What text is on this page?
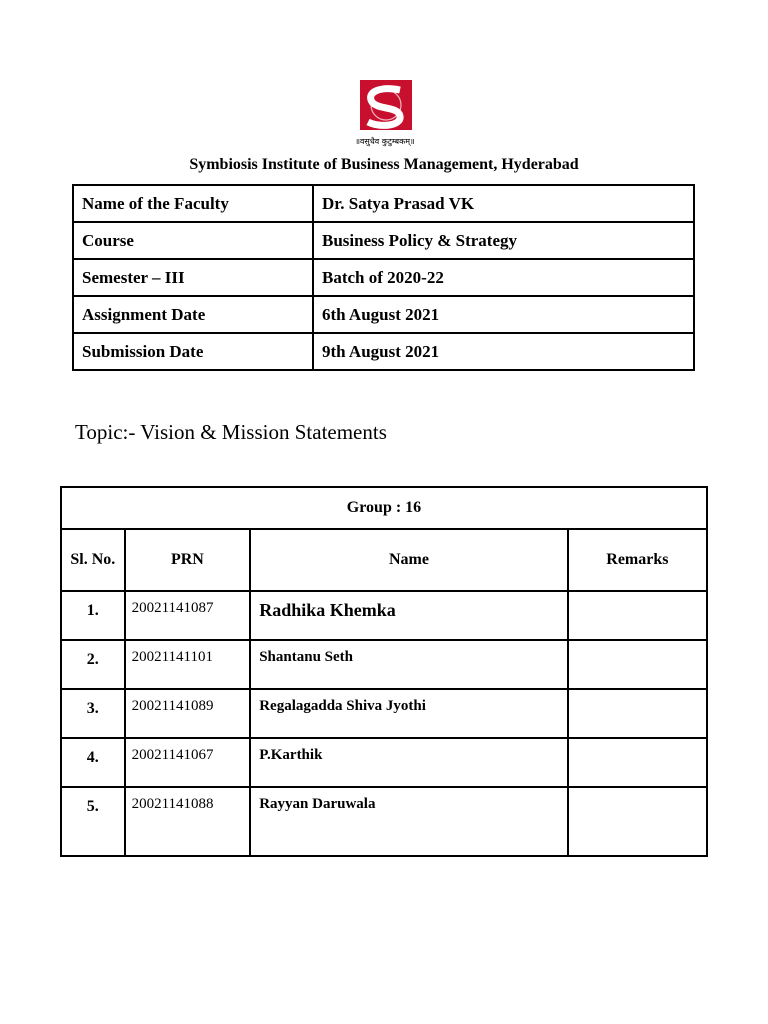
॥वसुधैव कुटुम्बकम्॥
Symbiosis Institute of Business Management, Hyderabad
Name of the Faculty	Dr. Satya Prasad VK
Course	Business Policy & Strategy
Semester – III	Batch of 2020-22
Assignment Date	6th August 2021
Submission Date	9th August 2021
Topic:- Vision & Mission Statements
Group : 16			
Sl. No.	PRN	Name	Remarks
1.	20021141087	Radhika Khemka	
2.	20021141101	Shantanu Seth	
3.	20021141089	Regalagadda Shiva Jyothi	
4.	20021141067	P.Karthik	
5.	20021141088	Rayyan Daruwala	
